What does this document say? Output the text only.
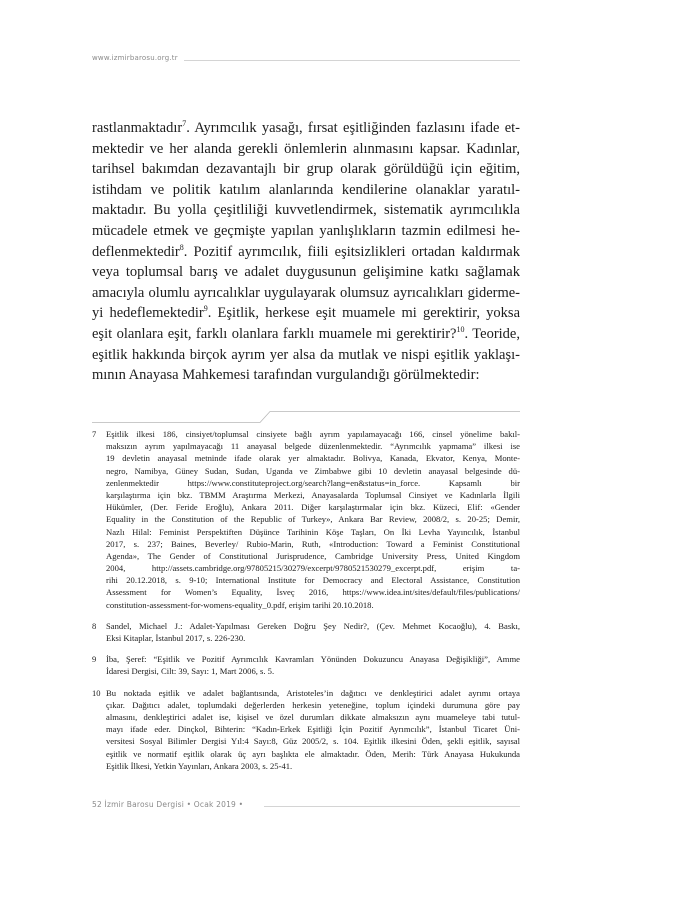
www.izmirbarosu.org.tr
rastlanmaktadır$^7$. Ayrımcılık yasağı, fırsat eşitliğinden fazlasını ifade et-
mektedir ve her alanda gerekli önlemlerin alınmasını kapsar. Kadınlar,
tarihsel bakımdan dezavantajlı bir grup olarak görüldüğü için eğitim,
istihdam ve politik katılım alanlarında kendilerine olanaklar yaratıl-
maktadır. Bu yolla çeşitliliği kuvvetlendirmek, sistematik ayrımcılıkla
mücadele etmek ve geçmişte yapılan yanlışlıkların tazmin edilmesi he-
deflenmektedir$^8$. Pozitif ayrımcılık, fiili eşitsizlikleri ortadan kaldırmak
veya toplumsal barış ve adalet duygusunun gelişimine katkı sağlamak
amacıyla olumlu ayrıcalıklar uygulayarak olumsuz ayrıcalıkları giderme-
yi hedeflemektedir$^9$. Eşitlik, herkese eşit muamele mi gerektirir, yoksa
eşit olanlara eşit, farklı olanlara farklı muamele mi gerektirir?$^{10}$. Teoride,
eşitlik hakkında birçok ayrım yer alsa da mutlak ve nispi eşitlik yaklaşı-
mının Anayasa Mahkemesi tarafından vurgulandığı görülmektedir:
7 Eşitlik ilkesi 186, cinsiyet/toplumsal cinsiyete bağlı ayrım yapılamayacağı 166, cinsel yönelime bakıl-
maksızın ayrım yapılmayacağı 11 anayasal belgede düzenlenmektedir. “Ayrımcılık yapmama” ilkesi ise
19 devletin anayasal metninde ifade olarak yer almaktadır. Bolivya, Kanada, Ekvator, Kenya, Monte-
negro, Namibya, Güney Sudan, Sudan, Uganda ve Zimbabwe gibi 10 devletin anayasal belgesinde dü-
zenlenmektedir https://www.constituteproject.org/search?lang=en&status=in_force. Kapsamlı bir
karşılaştırma için bkz. TBMM Araştırma Merkezi, Anayasalarda Toplumsal Cinsiyet ve Kadınlarla İlgili
Hükümler, (Der. Feride Eroğlu), Ankara 2011. Diğer karşılaştırmalar için bkz. Küzeci, Elif: «Gender
Equality in the Constitution of the Republic of Turkey», Ankara Bar Review, 2008/2, s. 20-25; Demir,
Nazlı Hilal: Feminist Perspektiften Düşünce Tarihinin Köşe Taşları, On İki Levha Yayıncılık, İstanbul
2017, s. 237; Baines, Beverley/ Rubio-Marin, Ruth, «Introduction: Toward a Feminist Constitutional
Agenda», The Gender of Constitutional Jurisprudence, Cambridge University Press, United Kingdom
2004, http://assets.cambridge.org/97805215/30279/excerpt/9780521530279_excerpt.pdf, erişim ta-
rihi 20.12.2018, s. 9-10; International Institute for Democracy and Electoral Assistance, Constitution
Assessment for Women’s Equality, İsveç 2016, https://www.idea.int/sites/default/files/publications/
constitution-assessment-for-womens-equality_0.pdf, erişim tarihi 20.10.2018.
8 Sandel, Michael J.: Adalet-Yapılması Gereken Doğru Şey Nedir?, (Çev. Mehmet Kocaoğlu), 4. Baskı,
Eksi Kitaplar, İstanbul 2017, s. 226-230.
9 İba, Şeref: “Eşitlik ve Pozitif Ayrımcılık Kavramları Yönünden Dokuzuncu Anayasa Değişikliği”, Amme
İdaresi Dergisi, Cilt: 39, Sayı: 1, Mart 2006, s. 5.
10 Bu noktada eşitlik ve adalet bağlantısında, Aristoteles’in dağıtıcı ve denkleştirici adalet ayrımı ortaya
çıkar. Dağıtıcı adalet, toplumdaki değerlerden herkesin yeteneğine, toplum içindeki durumuna göre pay
almasını, denkleştirici adalet ise, kişisel ve özel durumları dikkate almaksızın aynı muameleye tabi tutul-
mayı ifade eder. Dinçkol, Bihterin: “Kadın-Erkek Eşitliği İçin Pozitif Ayrımcılık”, İstanbul Ticaret Üni-
versitesi Sosyal Bilimler Dergisi Yıl:4 Sayı:8, Güz 2005/2, s. 104. Eşitlik ilkesini Öden, şekli eşitlik, sayısal
eşitlik ve normatif eşitlik olarak üç ayrı başlıkta ele almaktadır. Öden, Merih: Türk Anayasa Hukukunda
Eşitlik İlkesi, Yetkin Yayınları, Ankara 2003, s. 25-41.
52 İzmir Barosu Dergisi • Ocak 2019 •
